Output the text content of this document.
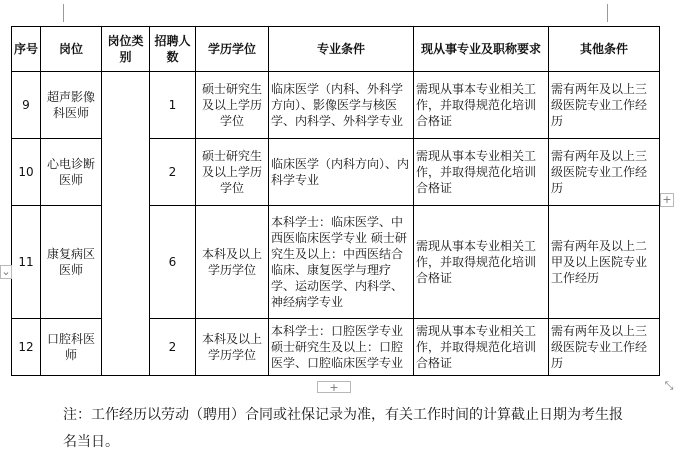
序号	岗位	岗位类别	招聘人数	学历学位	专业条件	现从事专业及职称要求	其他条件
9	超声影像科医师		1	硕士研究生及以上学历学位	临床医学（内科、外科学方向）、影像医学与核医学、内科学、外科学专业	需现从事本专业相关工作，并取得规范化培训合格证	需有两年及以上三级医院专业工作经历
10	心电诊断医师		2	硕士研究生及以上学历学位	临床医学（内科方向）、内科学专业	需现从事本专业相关工作，并取得规范化培训合格证	需有两年及以上三级医院专业工作经历
11	康复病区医师		6	本科及以上学历学位	本科学士：临床医学、中西医临床医学专业 硕士研究生及以上：中西医结合临床、康复医学与理疗学、运动医学、内科学、神经病学专业	需现从事本专业相关工作，并取得规范化培训合格证	需有两年及以上二甲及以上医院专业工作经历
12	口腔科医师		2	本科及以上学历学位	本科学士：口腔医学专业 硕士研究生及以上：口腔医学、口腔临床医学专业	需现从事本专业相关工作，并取得规范化培训合格证	需有两年及以上三级医院专业工作经历
⌄
+
+	⤡

注：工作经历以劳动（聘用）合同或社保记录为准，有关工作时间的计算截止日期为考生报名当日。
